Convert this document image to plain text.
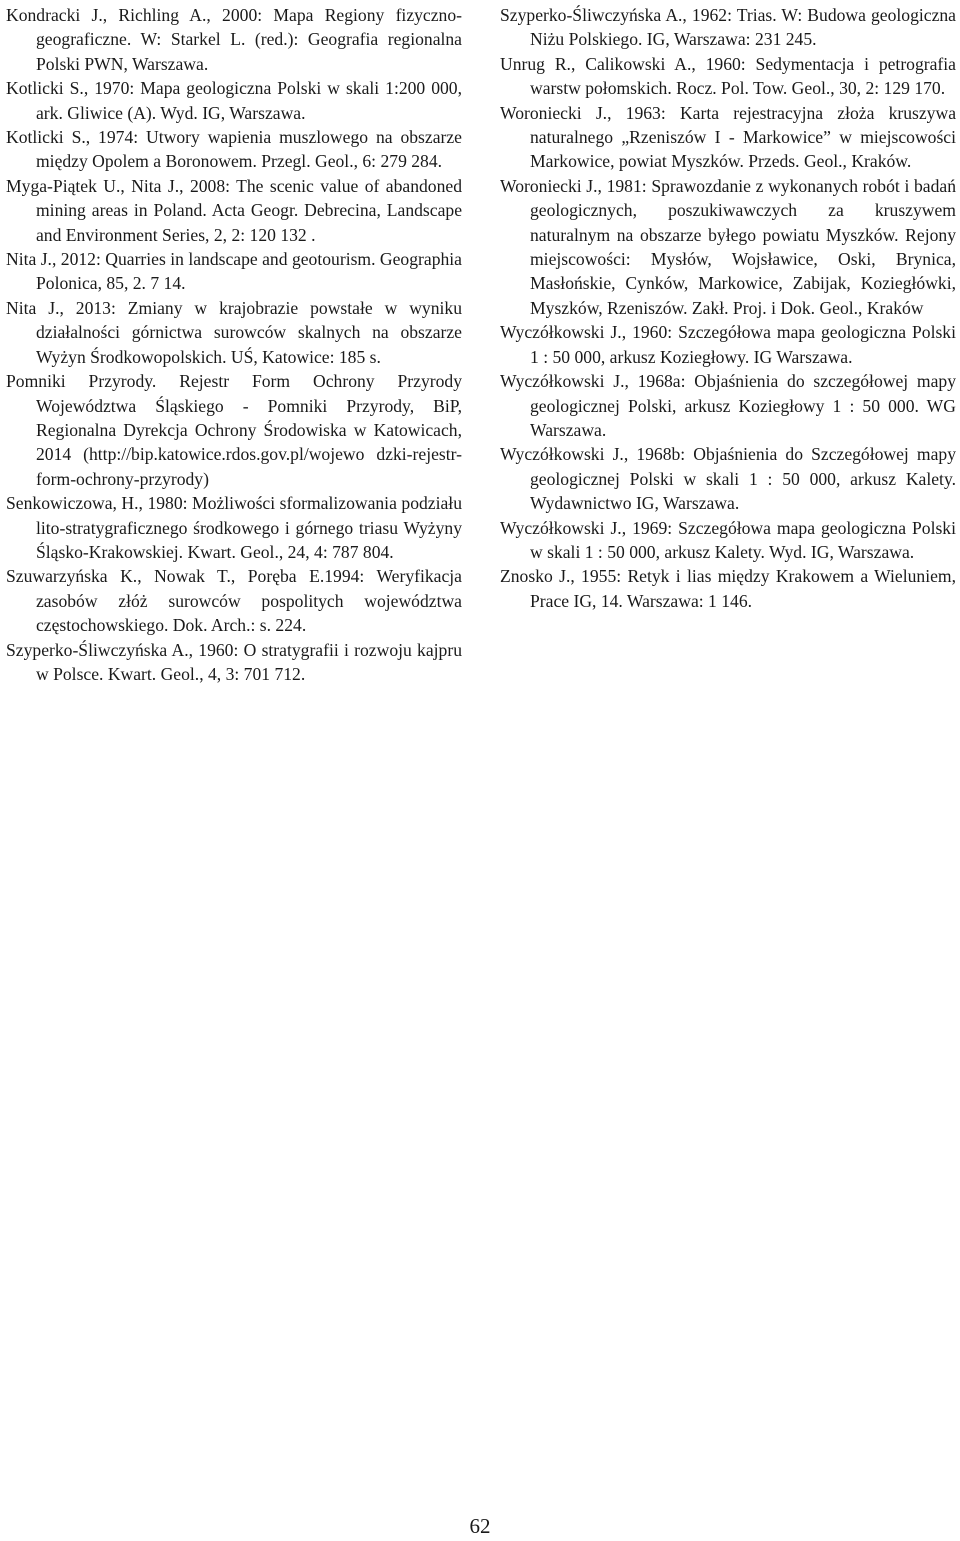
Kondracki J., Richling A., 2000: Mapa Regiony fizyczno-geograficzne. W: Starkel L. (red.): Geografia regionalna Polski PWN, Warszawa.

Kotlicki S., 1970: Mapa geologiczna Polski w skali 1:200 000, ark. Gliwice (A). Wyd. IG, Warszawa.

Kotlicki S., 1974: Utwory wapienia muszlowego na obszarze między Opolem a Boronowem. Przegl. Geol., 6: 279 284.

Myga-Piątek U., Nita J., 2008: The scenic value of abandoned mining areas in Poland. Acta Geogr. Debrecina, Landscape and Environment Series, 2, 2: 120 132 .

Nita J., 2012: Quarries in landscape and geotourism. Geographia Polonica, 85, 2. 7 14.

Nita J., 2013: Zmiany w krajobrazie powstałe w wyniku działalności górnictwa surowców skalnych na obszarze Wyżyn Środkowopolskich. UŚ, Katowice: 185 s.

Pomniki Przyrody. Rejestr Form Ochrony Przyrody Województwa Śląskiego - Pomniki Przyrody, BiP, Regionalna Dyrekcja Ochrony Środowiska w Katowicach, 2014 (http://bip.katowice.rdos.gov.pl/wojewo dzki-rejestr-form-ochrony-przyrody)

Senkowiczowa, H., 1980: Możliwości sformalizowania podziału lito-stratygraficznego środkowego i górnego triasu Wyżyny Śląsko-Krakowskiej. Kwart. Geol., 24, 4: 787 804.

Szuwarzyńska K., Nowak T., Poręba E.1994: Weryfikacja zasobów złóż surowców pospolitych województwa częstochowskiego. Dok. Arch.: s. 224.

Szyperko-Śliwczyńska A., 1960: O stratygrafii i rozwoju kajpru w Polsce. Kwart. Geol., 4, 3: 701 712.

Szyperko-Śliwczyńska A., 1962: Trias. W: Budowa geologiczna Niżu Polskiego. IG, Warszawa: 231 245.

Unrug R., Calikowski A., 1960: Sedymentacja i petrografia warstw połomskich. Rocz. Pol. Tow. Geol., 30, 2: 129 170.

Woroniecki J., 1963: Karta rejestracyjna złoża kruszywa naturalnego „Rzeniszów I - Markowice” w miejscowości Markowice, powiat Myszków. Przeds. Geol., Kraków.

Woroniecki J., 1981: Sprawozdanie z wykonanych robót i badań geologicznych, poszukiwawczych za kruszywem naturalnym na obszarze byłego powiatu Myszków. Rejony miejscowości: Mysłów, Wojsławice, Oski, Brynica, Masłońskie, Cynków, Markowice, Zabijak, Koziegłówki, Myszków, Rzeniszów. Zakł. Proj. i Dok. Geol., Kraków

Wyczółkowski J., 1960: Szczegółowa mapa geologiczna Polski 1 : 50 000, arkusz Koziegłowy. IG Warszawa.

Wyczółkowski J., 1968a: Objaśnienia do szczegółowej mapy geologicznej Polski, arkusz Koziegłowy 1 : 50 000. WG Warszawa.

Wyczółkowski J., 1968b: Objaśnienia do Szczegółowej mapy geologicznej Polski w skali 1 : 50 000, arkusz Kalety. Wydawnictwo IG, Warszawa.

Wyczółkowski J., 1969: Szczegółowa mapa geologiczna Polski w skali 1 : 50 000, arkusz Kalety. Wyd. IG, Warszawa.

Znosko J., 1955: Retyk i lias między Krakowem a Wieluniem, Prace IG, 14. Warszawa: 1 146.

62
